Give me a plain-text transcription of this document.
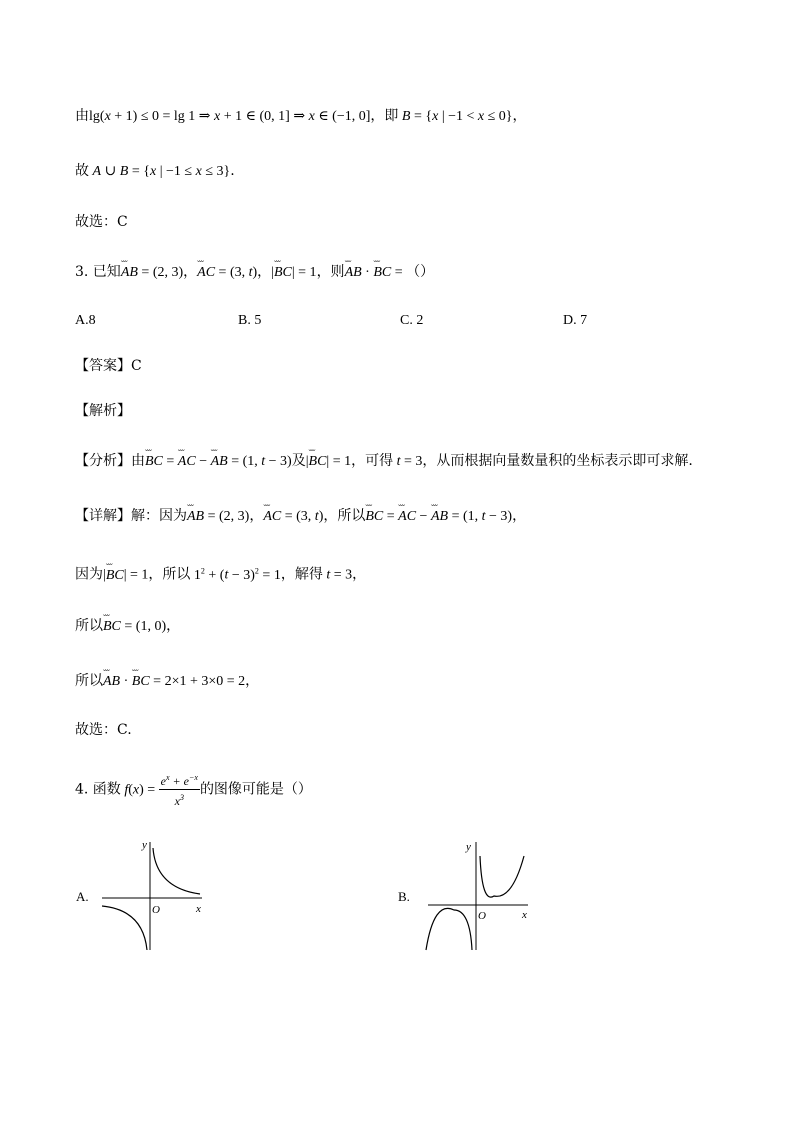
由lg(x + 1) ≤ 0 = lg 1 ⇒ x + 1 ∈ (0, 1] ⇒ x ∈ (−1, 0]，即 B = {x | −1 < x ≤ 0}，
故 A ∪ B = {x | −1 ≤ x ≤ 3}.
故选：C
3. 已知˘˘˘ AB = (2, 3)，˘˘˘ AC = (3, t)，|˘˘˘ BC| = 1，则˘˘˘ AB · ˘˘˘ BC = （）
A.8	B. 5	C. 2	D. 7
【答案】C
【解析】
【分析】由˘˘˘ BC = ˘˘˘ AC − ˘˘˘ AB = (1, t − 3)及|˘˘˘ BC| = 1，可得 t = 3，从而根据向量数量积的坐标表示即可求解.
【详解】解：因为˘˘˘ AB = (2, 3)，˘˘˘ AC = (3, t)，所以˘˘˘ BC = ˘˘˘ AC − ˘˘˘ AB = (1, t − 3)，
因为|˘˘˘ BC| = 1，所以 $1^2 + (t - 3)^2 = 1$，解得 t = 3，
所以˘˘˘ BC = (1, 0)，
所以˘˘˘ AB · ˘˘˘ BC = 2×1 + 3×0 = 2，
故选：C.
4. 函数 $f(x) = \frac{e^x + e^{-x}}{x^3}$ 的图像可能是（）
A.
y
x
O
B.
y
x
O
